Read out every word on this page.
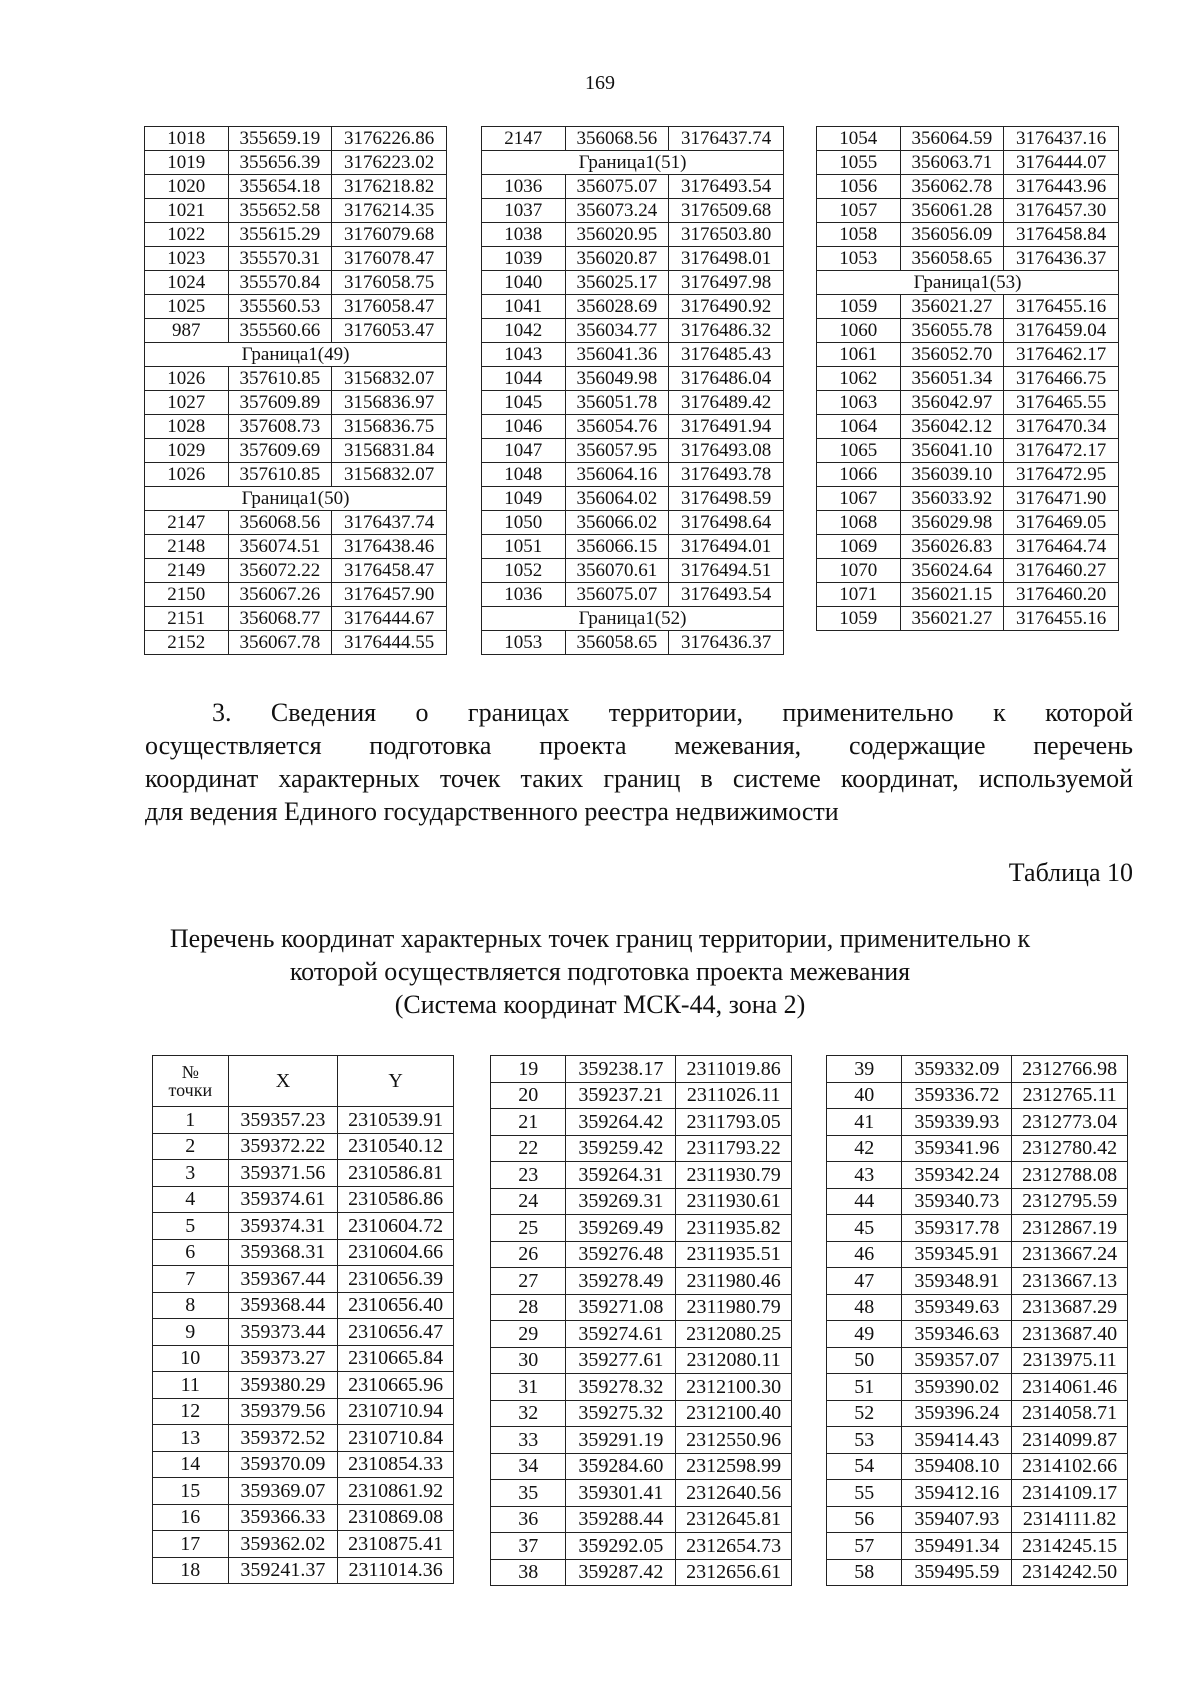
169
1018	355659.19	3176226.86
1019	355656.39	3176223.02
1020	355654.18	3176218.82
1021	355652.58	3176214.35
1022	355615.29	3176079.68
1023	355570.31	3176078.47
1024	355570.84	3176058.75
1025	355560.53	3176058.47
987	355560.66	3176053.47
Граница1(49)		
1026	357610.85	3156832.07
1027	357609.89	3156836.97
1028	357608.73	3156836.75
1029	357609.69	3156831.84
1026	357610.85	3156832.07
Граница1(50)		
2147	356068.56	3176437.74
2148	356074.51	3176438.46
2149	356072.22	3176458.47
2150	356067.26	3176457.90
2151	356068.77	3176444.67
2152	356067.78	3176444.55
2147	356068.56	3176437.74
Граница1(51)		
1036	356075.07	3176493.54
1037	356073.24	3176509.68
1038	356020.95	3176503.80
1039	356020.87	3176498.01
1040	356025.17	3176497.98
1041	356028.69	3176490.92
1042	356034.77	3176486.32
1043	356041.36	3176485.43
1044	356049.98	3176486.04
1045	356051.78	3176489.42
1046	356054.76	3176491.94
1047	356057.95	3176493.08
1048	356064.16	3176493.78
1049	356064.02	3176498.59
1050	356066.02	3176498.64
1051	356066.15	3176494.01
1052	356070.61	3176494.51
1036	356075.07	3176493.54
Граница1(52)		
1053	356058.65	3176436.37
1054	356064.59	3176437.16
1055	356063.71	3176444.07
1056	356062.78	3176443.96
1057	356061.28	3176457.30
1058	356056.09	3176458.84
1053	356058.65	3176436.37
Граница1(53)		
1059	356021.27	3176455.16
1060	356055.78	3176459.04
1061	356052.70	3176462.17
1062	356051.34	3176466.75
1063	356042.97	3176465.55
1064	356042.12	3176470.34
1065	356041.10	3176472.17
1066	356039.10	3176472.95
1067	356033.92	3176471.90
1068	356029.98	3176469.05
1069	356026.83	3176464.74
1070	356024.64	3176460.27
1071	356021.15	3176460.20
1059	356021.27	3176455.16
3. Сведения о границах территории, применительно к которой
осуществляется подготовка проекта межевания, содержащие перечень
координат характерных точек таких границ в системе координат, используемой
для ведения Единого государственного реестра недвижимости
Таблица 10
Перечень координат характерных точек границ территории, применительно к
которой осуществляется подготовка проекта межевания
(Система координат МСК-44, зона 2)
№
точки	X	Y
1	359357.23	2310539.91
2	359372.22	2310540.12
3	359371.56	2310586.81
4	359374.61	2310586.86
5	359374.31	2310604.72
6	359368.31	2310604.66
7	359367.44	2310656.39
8	359368.44	2310656.40
9	359373.44	2310656.47
10	359373.27	2310665.84
11	359380.29	2310665.96
12	359379.56	2310710.94
13	359372.52	2310710.84
14	359370.09	2310854.33
15	359369.07	2310861.92
16	359366.33	2310869.08
17	359362.02	2310875.41
18	359241.37	2311014.36
19	359238.17	2311019.86
20	359237.21	2311026.11
21	359264.42	2311793.05
22	359259.42	2311793.22
23	359264.31	2311930.79
24	359269.31	2311930.61
25	359269.49	2311935.82
26	359276.48	2311935.51
27	359278.49	2311980.46
28	359271.08	2311980.79
29	359274.61	2312080.25
30	359277.61	2312080.11
31	359278.32	2312100.30
32	359275.32	2312100.40
33	359291.19	2312550.96
34	359284.60	2312598.99
35	359301.41	2312640.56
36	359288.44	2312645.81
37	359292.05	2312654.73
38	359287.42	2312656.61
39	359332.09	2312766.98
40	359336.72	2312765.11
41	359339.93	2312773.04
42	359341.96	2312780.42
43	359342.24	2312788.08
44	359340.73	2312795.59
45	359317.78	2312867.19
46	359345.91	2313667.24
47	359348.91	2313667.13
48	359349.63	2313687.29
49	359346.63	2313687.40
50	359357.07	2313975.11
51	359390.02	2314061.46
52	359396.24	2314058.71
53	359414.43	2314099.87
54	359408.10	2314102.66
55	359412.16	2314109.17
56	359407.93	2314111.82
57	359491.34	2314245.15
58	359495.59	2314242.50
